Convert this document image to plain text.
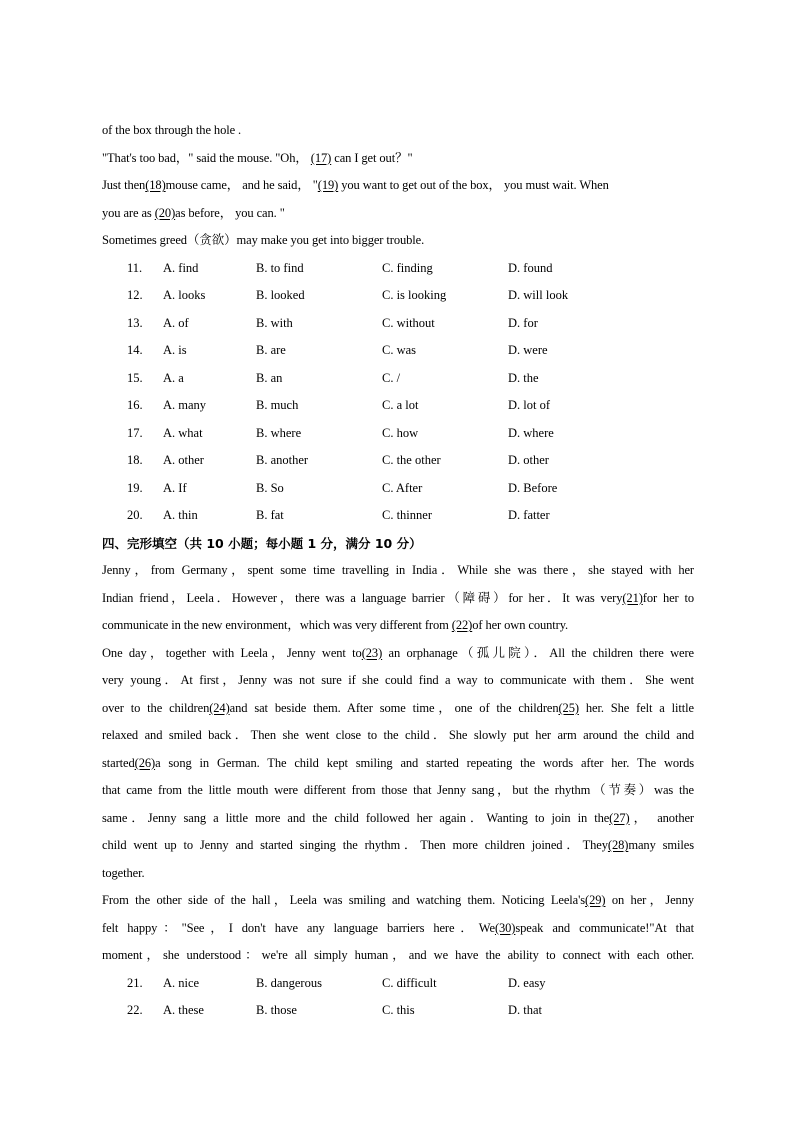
of the box through the hole .
"That's too bad，" said the mouse. "Oh， (17) can I get out？"
Just then(18)mouse came， and he said， "(19) you want to get out of the box， you must wait. When
you are as (20)as before， you can. "
Sometimes greed（贪欲）may make you get into bigger trouble.
11. A. find	B. to find	C. finding	D. found
12. A. looks	B. looked	C. is looking	D. will look
13. A. of	B. with	C. without	D. for
14. A. is	B. are	C. was	D. were
15. A. a	B. an	C. /	D. the
16. A. many	B. much	C. a lot	D. lot of
17. A. what	B. where	C. how	D. where
18. A. other	B. another	C. the other	D. other
19. A. If	B. So	C. After	D. Before
20. A. thin	B. fat	C. thinner	D. fatter
四、完形填空（共 10 小题；每小题 1 分，满分 10 分）
Jenny，from Germany，spent some time travelling in India．While she was there，she stayed with her
Indian friend，Leela．However，there was a language barrier（障碍）for her．It was very(21)for her to
communicate in the new environment，which was very different from (22)of her own country.
One day，together with Leela，Jenny went to(23) an orphanage（孤儿院）．All the children there were
very young．At first，Jenny was not sure if she could find a way to communicate with them．She went
over to the children(24)and sat beside them. After some time，one of the children(25) her. She felt a little
relaxed and smiled back．Then she went close to the child．She slowly put her arm around the child and
started(26)a song in German. The child kept smiling and started repeating the words after her. The words
that came from the little mouth were different from those that Jenny sang，but the rhythm（节奏）was the
same．Jenny sang a little more and the child followed her again．Wanting to join in the(27)， another
child went up to Jenny and started singing the rhythm．Then more children joined．They(28)many smiles
together.
From the other side of the hall，Leela was smiling and watching them. Noticing Leela's(29) on her，Jenny
felt happy："See，I don't have any language barriers here．We(30)speak and communicate!"At that
moment，she understood：we're all simply human，and we have the ability to connect with each other.
21. A. nice	B. dangerous	C. difficult	D. easy
22. A. these	B. those	C. this	D. that
